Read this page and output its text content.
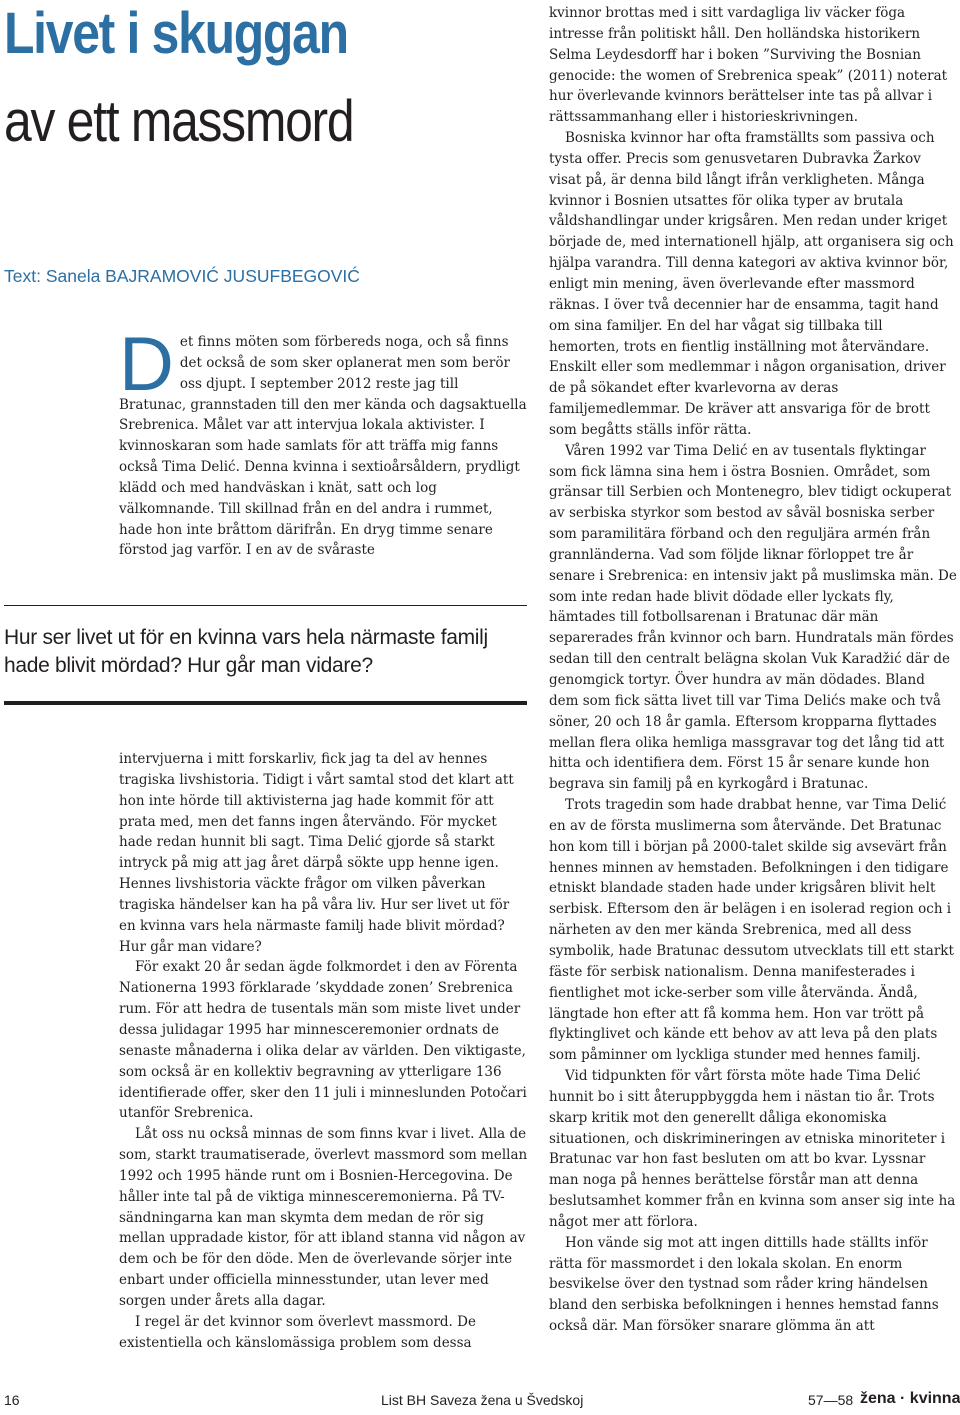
Livet i skuggan
av ett massmord
Text: Sanela BAJRAMOVIĆ JUSUFBEGOVIĆ
Det finns möten som förbereds noga, och så finns det också de som sker oplanerat men som berör oss djupt. I september 2012 reste jag till Bratunac, grannstaden till den mer kända och dagsaktuella Srebrenica. Målet var att intervjua lokala aktivister. I kvinnoskaran som hade samlats för att träffa mig fanns också Tima Delić. Denna kvinna i sextioårsåldern, prydligt klädd och med handväskan i knät, satt och log välkomnande. Till skillnad från en del andra i rummet, hade hon inte bråttom därifrån. En dryg timme senare förstod jag varför. I en av de svåraste
Hur ser livet ut för en kvinna vars hela närmaste familj hade blivit mördad? Hur går man vidare?

intervjuerna i mitt forskarliv, fick jag ta del av hennes tragiska livshistoria. Tidigt i vårt samtal stod det klart att hon inte hörde till aktivisterna jag hade kommit för att prata med, men det fanns ingen återvändo. För mycket hade redan hunnit bli sagt. Tima Delić gjorde så starkt intryck på mig att jag året därpå sökte upp henne igen. Hennes livshistoria väckte frågor om vilken påverkan tragiska händelser kan ha på våra liv. Hur ser livet ut för en kvinna vars hela närmaste familj hade blivit mördad? Hur går man vidare?

För exakt 20 år sedan ägde folkmordet i den av Förenta Nationerna 1993 förklarade ’skyddade zonen’ Srebrenica rum. För att hedra de tusentals män som miste livet under dessa julidagar 1995 har minnesceremonier ordnats de senaste månaderna i olika delar av världen. Den viktigaste, som också är en kollektiv begravning av ytterligare 136 identifierade offer, sker den 11 juli i minneslunden Potočari utanför Srebrenica.

Låt oss nu också minnas de som finns kvar i livet. Alla de som, starkt traumatiserade, överlevt massmord som mellan 1992 och 1995 hände runt om i Bosnien-Hercegovina. De håller inte tal på de viktiga minnesceremonierna. På TV-sändningarna kan man skymta dem medan de rör sig mellan uppradade kistor, för att ibland stanna vid någon av dem och be för den döde. Men de överlevande sörjer inte enbart under officiella minnesstunder, utan lever med sorgen under årets alla dagar.

I regel är det kvinnor som överlevt massmord. De existentiella och känslomässiga problem som dessa

kvinnor brottas med i sitt vardagliga liv väcker föga intresse från politiskt håll. Den holländska historikern Selma Leydesdorff har i boken ”Surviving the Bosnian genocide: the women of Srebrenica speak” (2011) noterat hur överlevande kvinnors berättelser inte tas på allvar i rättssammanhang eller i historieskrivningen.

Bosniska kvinnor har ofta framställts som passiva och tysta offer. Precis som genusvetaren Dubravka Žarkov visat på, är denna bild långt ifrån verkligheten. Många kvinnor i Bosnien utsattes för olika typer av brutala våldshandlingar under krigsåren. Men redan under kriget började de, med internationell hjälp, att organisera sig och hjälpa varandra. Till denna kategori av aktiva kvinnor bör, enligt min mening, även överlevande efter massmord räknas. I över två decennier har de ensamma, tagit hand om sina familjer. En del har vågat sig tillbaka till hemorten, trots en fientlig inställning mot återvändare. Enskilt eller som medlemmar i någon organisation, driver de på sökandet efter kvarlevorna av deras familjemedlemmar. De kräver att ansvariga för de brott som begåtts ställs inför rätta.

Våren 1992 var Tima Delić en av tusentals flyktingar som fick lämna sina hem i östra Bosnien. Området, som gränsar till Serbien och Montenegro, blev tidigt ockuperat av serbiska styrkor som bestod av såväl bosniska serber som paramilitära förband och den reguljära armén från grannländerna. Vad som följde liknar förloppet tre år senare i Srebrenica: en intensiv jakt på muslimska män. De som inte redan hade blivit dödade eller lyckats fly, hämtades till fotbollsarenan i Bratunac där män separerades från kvinnor och barn. Hundratals män fördes sedan till den centralt belägna skolan Vuk Karadžić där de genomgick tortyr. Över hundra av män dödades. Bland dem som fick sätta livet till var Tima Delićs make och två söner, 20 och 18 år gamla. Eftersom kropparna flyttades mellan flera olika hemliga massgravar tog det lång tid att hitta och identifiera dem. Först 15 år senare kunde hon begrava sin familj på en kyrkogård i Bratunac.

Trots tragedin som hade drabbat henne, var Tima Delić en av de första muslimerna som återvände. Det Bratunac hon kom till i början på 2000-talet skilde sig avsevärt från hennes minnen av hemstaden. Befolkningen i den tidigare etniskt blandade staden hade under krigsåren blivit helt serbisk. Eftersom den är belägen i en isolerad region och i närheten av den mer kända Srebrenica, med all dess symbolik, hade Bratunac dessutom utvecklats till ett starkt fäste för serbisk nationalism. Denna manifesterades i fientlighet mot icke-serber som ville återvända. Ändå, längtade hon efter att få komma hem. Hon var trött på flyktinglivet och kände ett behov av att leva på den plats som påminner om lyckliga stunder med hennes familj.

Vid tidpunkten för vårt första möte hade Tima Delić hunnit bo i sitt återuppbyggda hem i nästan tio år. Trots skarp kritik mot den generellt dåliga ekonomiska situationen, och diskrimineringen av etniska minoriteter i Bratunac var hon fast besluten om att bo kvar. Lyssnar man noga på hennes berättelse förstår man att denna beslutsamhet kommer från en kvinna som anser sig inte ha något mer att förlora.

Hon vände sig mot att ingen dittills hade ställts inför rätta för massmordet i den lokala skolan. En enorm besvikelse över den tystnad som råder kring händelsen bland den serbiska befolkningen i hennes hemstad fanns också där. Man försöker snarare glömma än att

16	List BH Saveza žena u Švedskoj	57—58 žena · kvinna
